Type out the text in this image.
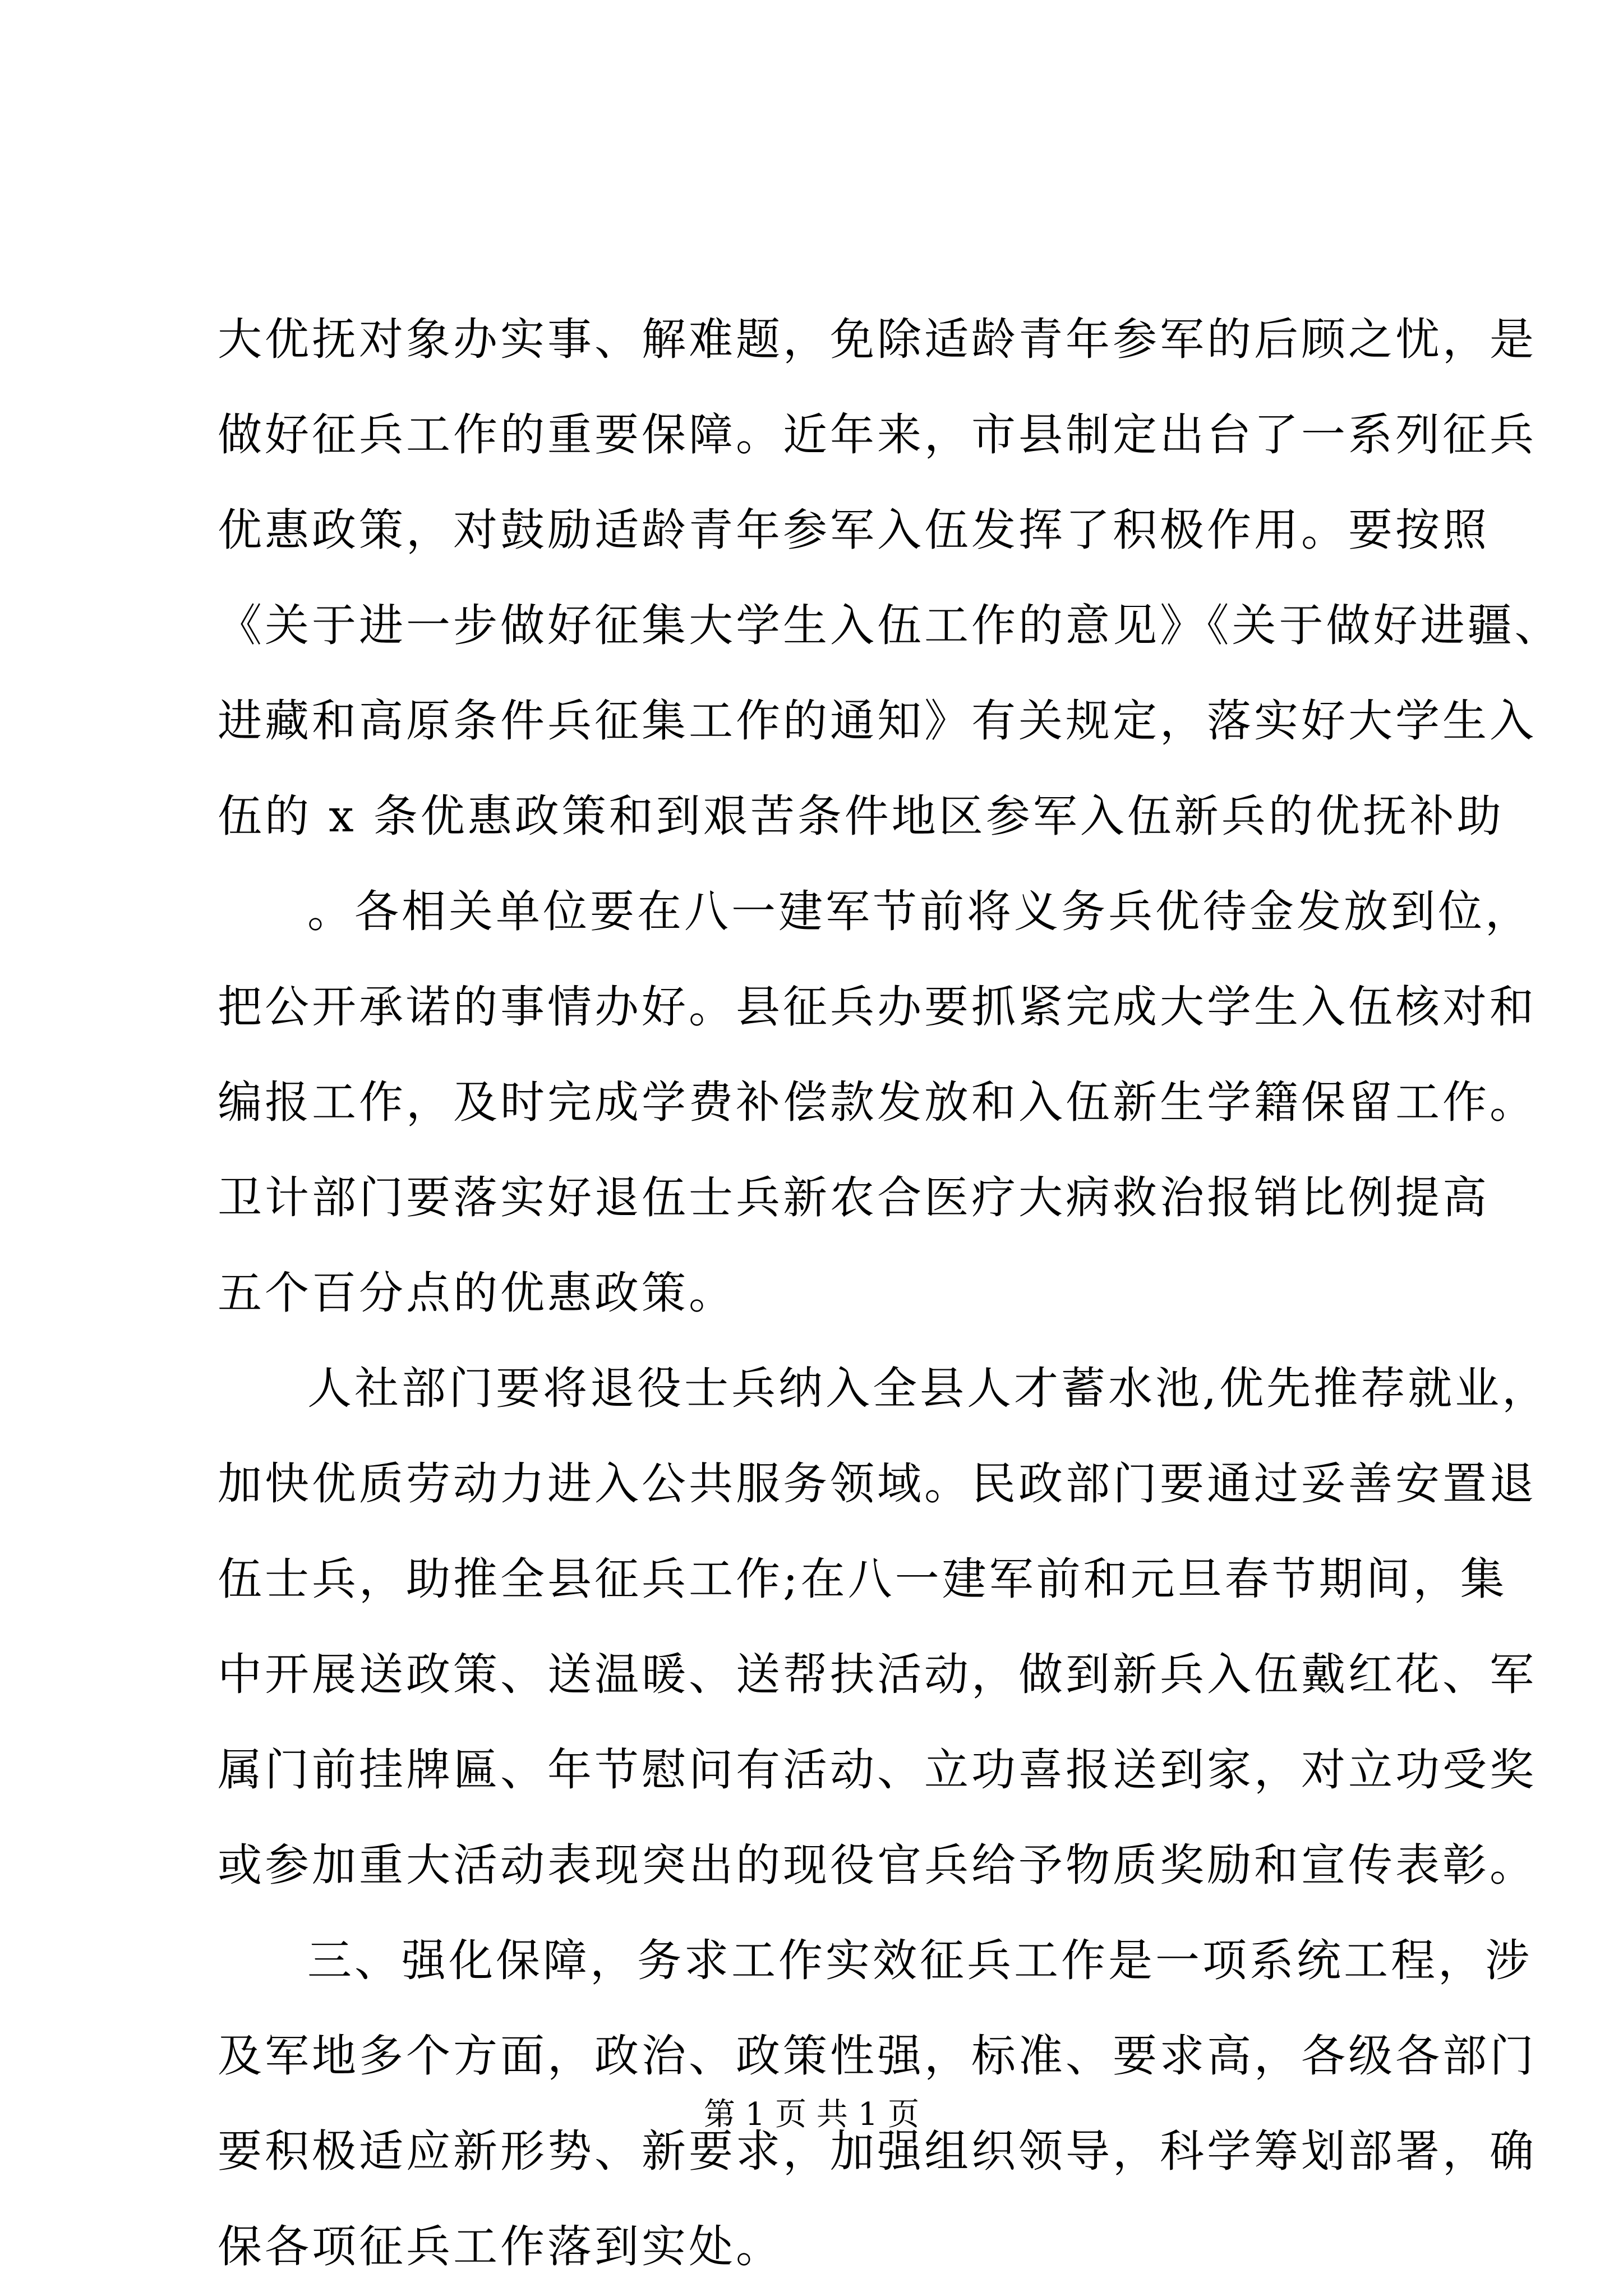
大优抚对象办实事、解难题，免除适龄青年参军的后顾之忧，是
做好征兵工作的重要保障。近年来，市县制定出台了一系列征兵
优惠政策，对鼓励适龄青年参军入伍发挥了积极作用。要按照
《关于进一步做好征集大学生入伍工作的意见》《关于做好进疆、
进藏和高原条件兵征集工作的通知》有关规定，落实好大学生入
伍的 x 条优惠政策和到艰苦条件地区参军入伍新兵的优抚补助
。各相关单位要在八一建军节前将义务兵优待金发放到位，
把公开承诺的事情办好。县征兵办要抓紧完成大学生入伍核对和
编报工作，及时完成学费补偿款发放和入伍新生学籍保留工作。
卫计部门要落实好退伍士兵新农合医疗大病救治报销比例提高
五个百分点的优惠政策。
人社部门要将退役士兵纳入全县人才蓄水池,优先推荐就业，
加快优质劳动力进入公共服务领域。民政部门要通过妥善安置退
伍士兵，助推全县征兵工作;在八一建军前和元旦春节期间，集
中开展送政策、送温暖、送帮扶活动，做到新兵入伍戴红花、军
属门前挂牌匾、年节慰问有活动、立功喜报送到家，对立功受奖
或参加重大活动表现突出的现役官兵给予物质奖励和宣传表彰。
三、强化保障，务求工作实效征兵工作是一项系统工程，涉
及军地多个方面，政治、政策性强，标准、要求高，各级各部门
要积极适应新形势、新要求，加强组织领导，科学筹划部署，确
保各项征兵工作落到实处。
第 1 页 共 1 页
